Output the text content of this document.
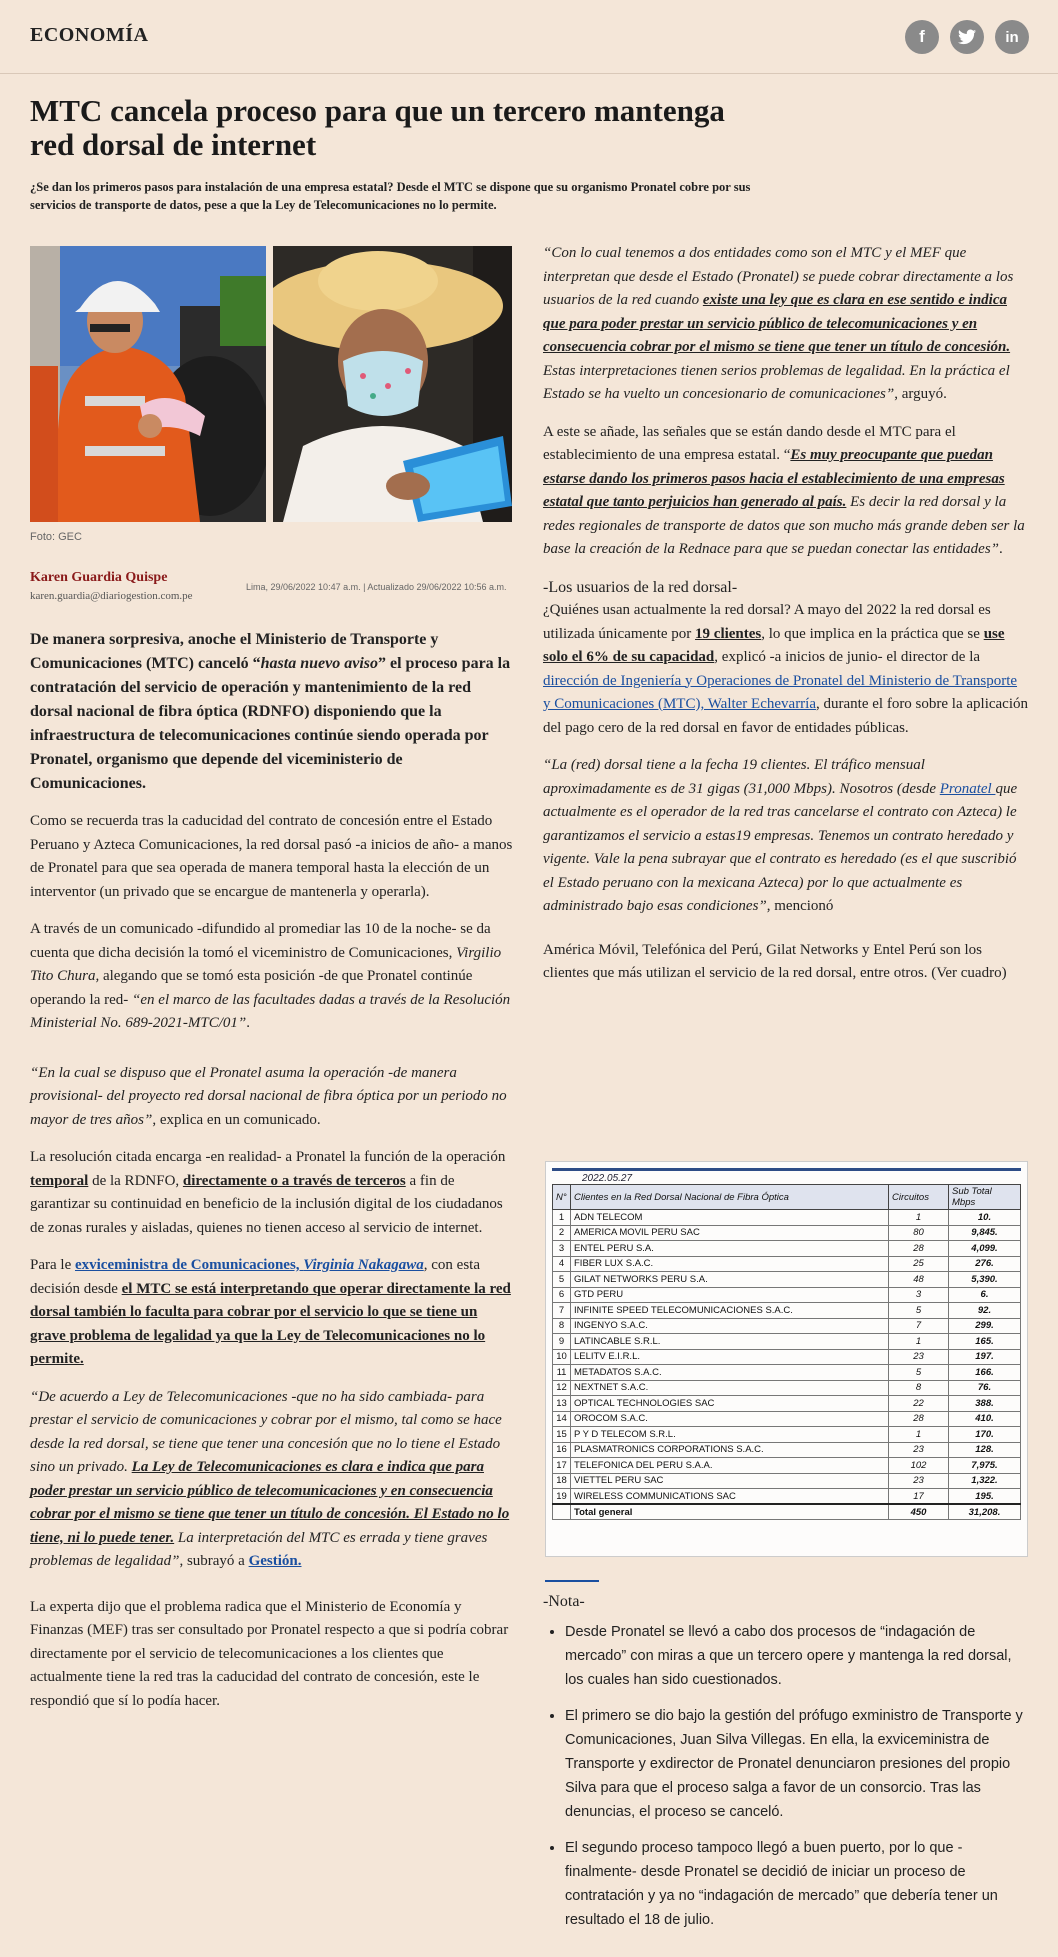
ECONOMÍA	f	in
MTC cancela proceso para que un tercero mantenga red dorsal de internet
¿Se dan los primeros pasos para instalación de una empresa estatal? Desde el MTC se dispone que su organismo Pronatel cobre por sus servicios de transporte de datos, pese a que la Ley de Telecomunicaciones no lo permite.
Foto: GEC
Karen Guardia Quispe
karen.guardia@diariogestion.com.pe
Lima, 29/06/2022 10:47 a.m. | Actualizado 29/06/2022 10:56 a.m.

De manera sorpresiva, anoche el Ministerio de Transporte y Comunicaciones (MTC) canceló “hasta nuevo aviso” el proceso para la contratación del servicio de operación y mantenimiento de la red dorsal nacional de fibra óptica (RDNFO) disponiendo que la infraestructura de telecomunicaciones continúe siendo operada por Pronatel, organismo que depende del viceministerio de Comunicaciones.

Como se recuerda tras la caducidad del contrato de concesión entre el Estado Peruano y Azteca Comunicaciones, la red dorsal pasó -a inicios de año- a manos de Pronatel para que sea operada de manera temporal hasta la elección de un interventor (un privado que se encargue de mantenerla y operarla).

A través de un comunicado -difundido al promediar las 10 de la noche- se da cuenta que dicha decisión la tomó el viceministro de Comunicaciones, Virgilio Tito Chura, alegando que se tomó esta posición -de que Pronatel continúe operando la red- “en el marco de las facultades dadas a través de la Resolución Ministerial No. 689-2021-MTC/01”.

“En la cual se dispuso que el Pronatel asuma la operación -de manera provisional- del proyecto red dorsal nacional de fibra óptica por un periodo no mayor de tres años”, explica en un comunicado.

La resolución citada encarga -en realidad- a Pronatel la función de la operación temporal de la RDNFO, directamente o a través de terceros a fin de garantizar su continuidad en beneficio de la inclusión digital de los ciudadanos de zonas rurales y aisladas, quienes no tienen acceso al servicio de internet.

Para le exviceministra de Comunicaciones, Virginia Nakagawa, con esta decisión desde el MTC se está interpretando que operar directamente la red dorsal también lo faculta para cobrar por el servicio lo que se tiene un grave problema de legalidad ya que la Ley de Telecomunicaciones no lo permite.

“De acuerdo a Ley de Telecomunicaciones -que no ha sido cambiada- para prestar el servicio de comunicaciones y cobrar por el mismo, tal como se hace desde la red dorsal, se tiene que tener una concesión que no lo tiene el Estado sino un privado. La Ley de Telecomunicaciones es clara e indica que para poder prestar un servicio público de telecomunicaciones y en consecuencia cobrar por el mismo se tiene que tener un título de concesión. El Estado no lo tiene, ni lo puede tener. La interpretación del MTC es errada y tiene graves problemas de legalidad”, subrayó a Gestión.

La experta dijo que el problema radica que el Ministerio de Economía y Finanzas (MEF) tras ser consultado por Pronatel respecto a que si podría cobrar directamente por el servicio de telecomunicaciones a los clientes que actualmente tiene la red tras la caducidad del contrato de concesión, este le respondió que sí lo podía hacer.

“Con lo cual tenemos a dos entidades como son el MTC y el MEF que interpretan que desde el Estado (Pronatel) se puede cobrar directamente a los usuarios de la red cuando existe una ley que es clara en ese sentido e indica que para poder prestar un servicio público de telecomunicaciones y en consecuencia cobrar por el mismo se tiene que tener un título de concesión. Estas interpretaciones tienen serios problemas de legalidad. En la práctica el Estado se ha vuelto un concesionario de comunicaciones”, arguyó.

A este se añade, las señales que se están dando desde el MTC para el establecimiento de una empresa estatal. “Es muy preocupante que puedan estarse dando los primeros pasos hacia el establecimiento de una empresas estatal que tanto perjuicios han generado al país. Es decir la red dorsal y la redes regionales de transporte de datos que son mucho más grande deben ser la base la creación de la Rednace para que se puedan conectar las entidades”.

-Los usuarios de la red dorsal-

¿Quiénes usan actualmente la red dorsal? A mayo del 2022 la red dorsal es utilizada únicamente por 19 clientes, lo que implica en la práctica que se use solo el 6% de su capacidad, explicó -a inicios de junio- el director de la dirección de Ingeniería y Operaciones de Pronatel del Ministerio de Transporte y Comunicaciones (MTC), Walter Echevarría, durante el foro sobre la aplicación del pago cero de la red dorsal en favor de entidades públicas.

“La (red) dorsal tiene a la fecha 19 clientes. El tráfico mensual aproximadamente es de 31 gigas (31,000 Mbps). Nosotros (desde Pronatel que actualmente es el operador de la red tras cancelarse el contrato con Azteca) le garantizamos el servicio a estas19 empresas. Tenemos un contrato heredado y vigente. Vale la pena subrayar que el contrato es heredado (es el que suscribió el Estado peruano con la mexicana Azteca) por lo que actualmente es administrado bajo esas condiciones”, mencionó

América Móvil, Telefónica del Perú, Gilat Networks y Entel Perú son los clientes que más utilizan el servicio de la red dorsal, entre otros. (Ver cuadro)

2022.05.27
N°	Clientes en la Red Dorsal Nacional de Fibra Óptica	Circuitos	Sub Total Mbps
1	ADN TELECOM	1	10.
2	AMERICA MOVIL PERU SAC	80	9,845.
3	ENTEL PERU S.A.	28	4,099.
4	FIBER LUX S.A.C.	25	276.
5	GILAT NETWORKS PERU S.A.	48	5,390.
6	GTD PERU	3	6.
7	INFINITE SPEED TELECOMUNICACIONES S.A.C.	5	92.
8	INGENYO S.A.C.	7	299.
9	LATINCABLE S.R.L.	1	165.
10	LELITV E.I.R.L.	23	197.
11	METADATOS S.A.C.	5	166.
12	NEXTNET S.A.C.	8	76.
13	OPTICAL TECHNOLOGIES SAC	22	388.
14	OROCOM S.A.C.	28	410.
15	P Y D TELECOM S.R.L.	1	170.
16	PLASMATRONICS CORPORATIONS S.A.C.	23	128.
17	TELEFONICA DEL PERU S.A.A.	102	7,975.
18	VIETTEL PERU SAC	23	1,322.
19	WIRELESS COMMUNICATIONS SAC	17	195.
	Total general	450	31,208.
-Nota-
• Desde Pronatel se llevó a cabo dos procesos de “indagación de mercado” con miras a que un tercero opere y mantenga la red dorsal, los cuales han sido cuestionados.
• El primero se dio bajo la gestión del prófugo exministro de Transporte y Comunicaciones, Juan Silva Villegas. En ella, la exviceministra de Transporte y exdirector de Pronatel denunciaron presiones del propio Silva para que el proceso salga a favor de un consorcio. Tras las denuncias, el proceso se canceló.
• El segundo proceso tampoco llegó a buen puerto, por lo que -finalmente- desde Pronatel se decidió de iniciar un proceso de contratación y ya no “indagación de mercado” que debería tener un resultado el 18 de julio.
